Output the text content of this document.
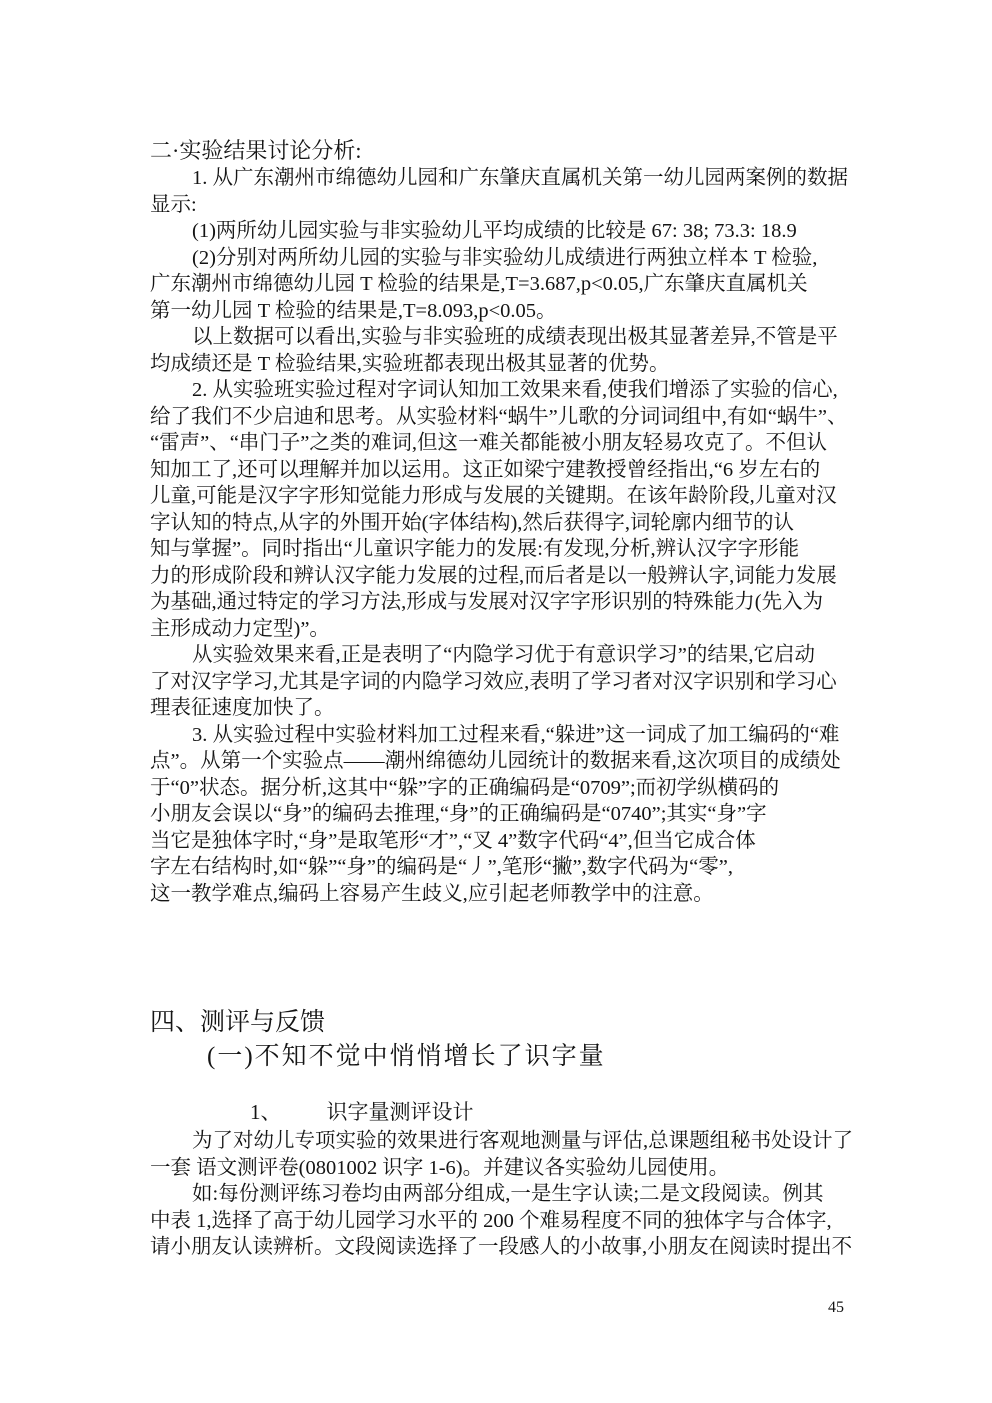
二·实验结果讨论分析:

1. 从广东潮州市绵德幼儿园和广东肇庆直属机关第一幼儿园两案例的数据

显示:

(1)两所幼儿园实验与非实验幼儿平均成绩的比较是 67: 38; 73.3: 18.9

(2)分别对两所幼儿园的实验与非实验幼儿成绩进行两独立样本 T 检验,

广东潮州市绵德幼儿园 T 检验的结果是,T=3.687,p<0.05,广东肇庆直属机关

第一幼儿园 T 检验的结果是,T=8.093,p<0.05。

以上数据可以看出,实验与非实验班的成绩表现出极其显著差异,不管是平

均成绩还是 T 检验结果,实验班都表现出极其显著的优势。

2. 从实验班实验过程对字词认知加工效果来看,使我们增添了实验的信心,

给了我们不少启迪和思考。从实验材料“蜗牛”儿歌的分词词组中,有如“蜗牛”、

“雷声”、“串门子”之类的难词,但这一难关都能被小朋友轻易攻克了。不但认

知加工了,还可以理解并加以运用。这正如梁宁建教授曾经指出,“6 岁左右的

儿童,可能是汉字字形知觉能力形成与发展的关键期。在该年龄阶段,儿童对汉

字认知的特点,从字的外围开始(字体结构),然后获得字,词轮廓内细节的认

知与掌握”。同时指出“儿童识字能力的发展:有发现,分析,辨认汉字字形能

力的形成阶段和辨认汉字能力发展的过程,而后者是以一般辨认字,词能力发展

为基础,通过特定的学习方法,形成与发展对汉字字形识别的特殊能力(先入为

主形成动力定型)”。

从实验效果来看,正是表明了“内隐学习优于有意识学习”的结果,它启动

了对汉字学习,尤其是字词的内隐学习效应,表明了学习者对汉字识别和学习心

理表征速度加快了。

3. 从实验过程中实验材料加工过程来看,“躲进”这一词成了加工编码的“难

点”。从第一个实验点——潮州绵德幼儿园统计的数据来看,这次项目的成绩处

于“0”状态。据分析,这其中“躲”字的正确编码是“0709”;而初学纵横码的

小朋友会误以“身”的编码去推理,“身”的正确编码是“0740”;其实“身”字

当它是独体字时,“身”是取笔形“才”,“叉 4”数字代码“4”,但当它成合体

字左右结构时,如“躲”“身”的编码是“丿”,笔形“撇”,数字代码为“零”,

这一教学难点,编码上容易产生歧义,应引起老师教学中的注意。

四、测评与反馈
(一)不知不觉中悄悄增长了识字量
1、 识字量测评设计

为了对幼儿专项实验的效果进行客观地测量与评估,总课题组秘书处设计了

一套 语文测评卷(0801002 识字 1-6)。并建议各实验幼儿园使用。

如:每份测评练习卷均由两部分组成,一是生字认读;二是文段阅读。例其

中表 1,选择了高于幼儿园学习水平的 200 个难易程度不同的独体字与合体字,

请小朋友认读辨析。文段阅读选择了一段感人的小故事,小朋友在阅读时提出不

45
